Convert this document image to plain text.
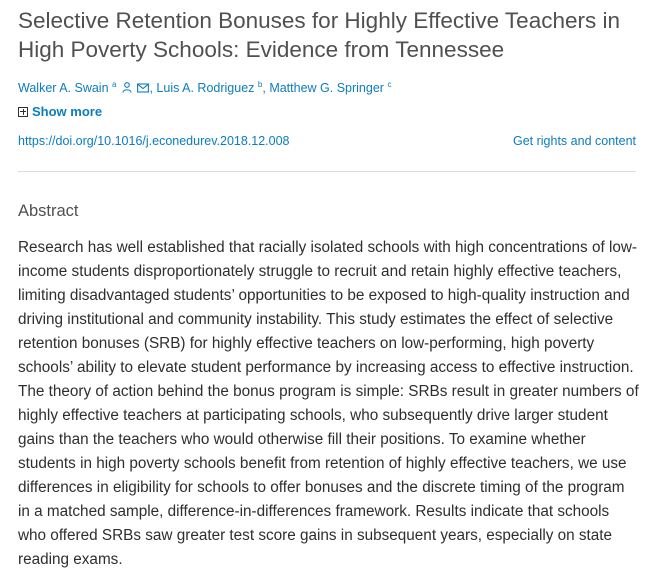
Selective Retention Bonuses for Highly Effective Teachers in High Poverty Schools: Evidence from Tennessee
Walker A. Swain $^a$	, Luis A. Rodriguez $^b$, Matthew G. Springer $^c$
Show more
https://doi.org/10.1016/j.econedurev.2018.12.008	Get rights and content
Abstract

Research has well established that racially isolated schools with high concentrations of low-income students disproportionately struggle to recruit and retain highly effective teachers, limiting disadvantaged students’ opportunities to be exposed to high-quality instruction and driving institutional and community instability. This study estimates the effect of selective retention bonuses (SRB) for highly effective teachers on low-performing, high poverty schools’ ability to elevate student performance by increasing access to effective instruction. The theory of action behind the bonus program is simple: SRBs result in greater numbers of highly effective teachers at participating schools, who subsequently drive larger student gains than the teachers who would otherwise fill their positions. To examine whether students in high poverty schools benefit from retention of highly effective teachers, we use differences in eligibility for schools to offer bonuses and the discrete timing of the program in a matched sample, difference-in-differences framework. Results indicate that schools who offered SRBs saw greater test score gains in subsequent years, especially on state reading exams.
